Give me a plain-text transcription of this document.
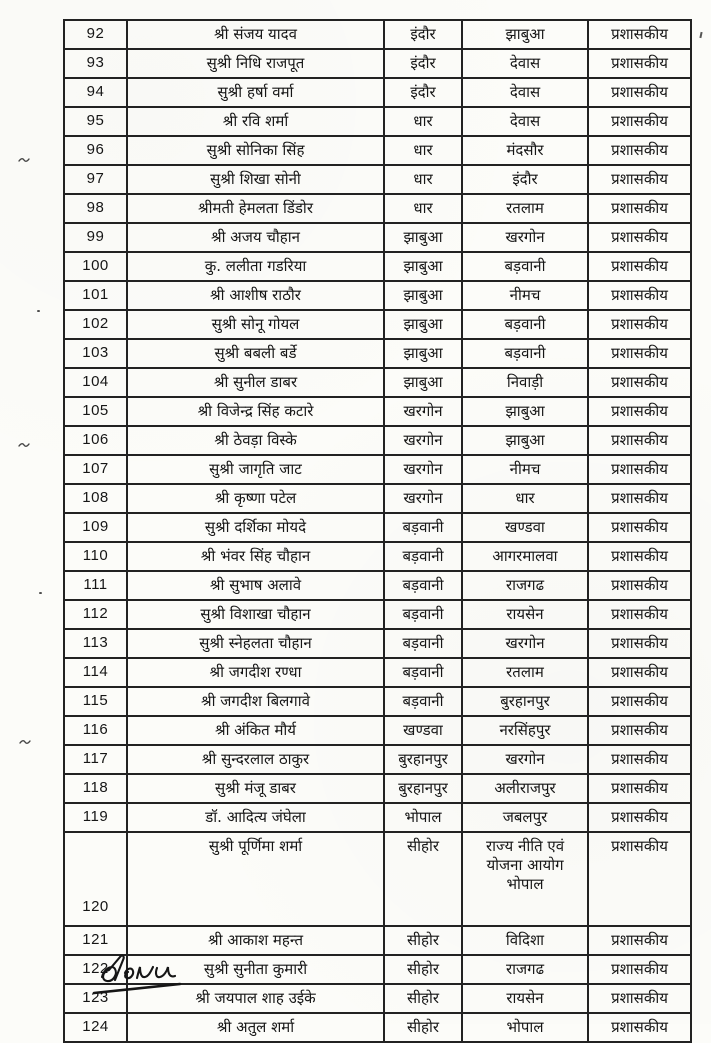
92	श्री संजय यादव	इंदौर	झाबुआ	प्रशासकीय
93	सुश्री निधि राजपूत	इंदौर	देवास	प्रशासकीय
94	सुश्री हर्षा वर्मा	इंदौर	देवास	प्रशासकीय
95	श्री रवि शर्मा	धार	देवास	प्रशासकीय
96	सुश्री सोनिका सिंह	धार	मंदसौर	प्रशासकीय
97	सुश्री शिखा सोनी	धार	इंदौर	प्रशासकीय
98	श्रीमती हेमलता डिंडोर	धार	रतलाम	प्रशासकीय
99	श्री अजय चौहान	झाबुआ	खरगोन	प्रशासकीय
100	कु. ललीता गडरिया	झाबुआ	बड़वानी	प्रशासकीय
101	श्री आशीष राठौर	झाबुआ	नीमच	प्रशासकीय
102	सुश्री सोनू गोयल	झाबुआ	बड़वानी	प्रशासकीय
103	सुश्री बबली बर्डे	झाबुआ	बड़वानी	प्रशासकीय
104	श्री सुनील डाबर	झाबुआ	निवाड़ी	प्रशासकीय
105	श्री विजेन्द्र सिंह कटारे	खरगोन	झाबुआ	प्रशासकीय
106	श्री ठेवड़ा विस्के	खरगोन	झाबुआ	प्रशासकीय
107	सुश्री जागृति जाट	खरगोन	नीमच	प्रशासकीय
108	श्री कृष्णा पटेल	खरगोन	धार	प्रशासकीय
109	सुश्री दर्शिका मोयदे	बड़वानी	खण्डवा	प्रशासकीय
110	श्री भंवर सिंह चौहान	बड़वानी	आगरमालवा	प्रशासकीय
111	श्री सुभाष अलावे	बड़वानी	राजगढ	प्रशासकीय
112	सुश्री विशाखा चौहान	बड़वानी	रायसेन	प्रशासकीय
113	सुश्री स्नेहलता चौहान	बड़वानी	खरगोन	प्रशासकीय
114	श्री जगदीश रण्धा	बड़वानी	रतलाम	प्रशासकीय
115	श्री जगदीश बिलगावे	बड़वानी	बुरहानपुर	प्रशासकीय
116	श्री अंकित मौर्य	खण्डवा	नरसिंहपुर	प्रशासकीय
117	श्री सुन्दरलाल ठाकुर	बुरहानपुर	खरगोन	प्रशासकीय
118	सुश्री मंजू डाबर	बुरहानपुर	अलीराजपुर	प्रशासकीय
119	डॉ. आदित्य जंघेला	भोपाल	जबलपुर	प्रशासकीय
120	सुश्री पूर्णिमा शर्मा	सीहोर	राज्य नीति एवं योजना आयोग भोपाल	प्रशासकीय
121	श्री आकाश महन्त	सीहोर	विदिशा	प्रशासकीय
122	सुश्री सुनीता कुमारी	सीहोर	राजगढ	प्रशासकीय
123	श्री जयपाल शाह उईके	सीहोर	रायसेन	प्रशासकीय
124	श्री अतुल शर्मा	सीहोर	भोपाल	प्रशासकीय
